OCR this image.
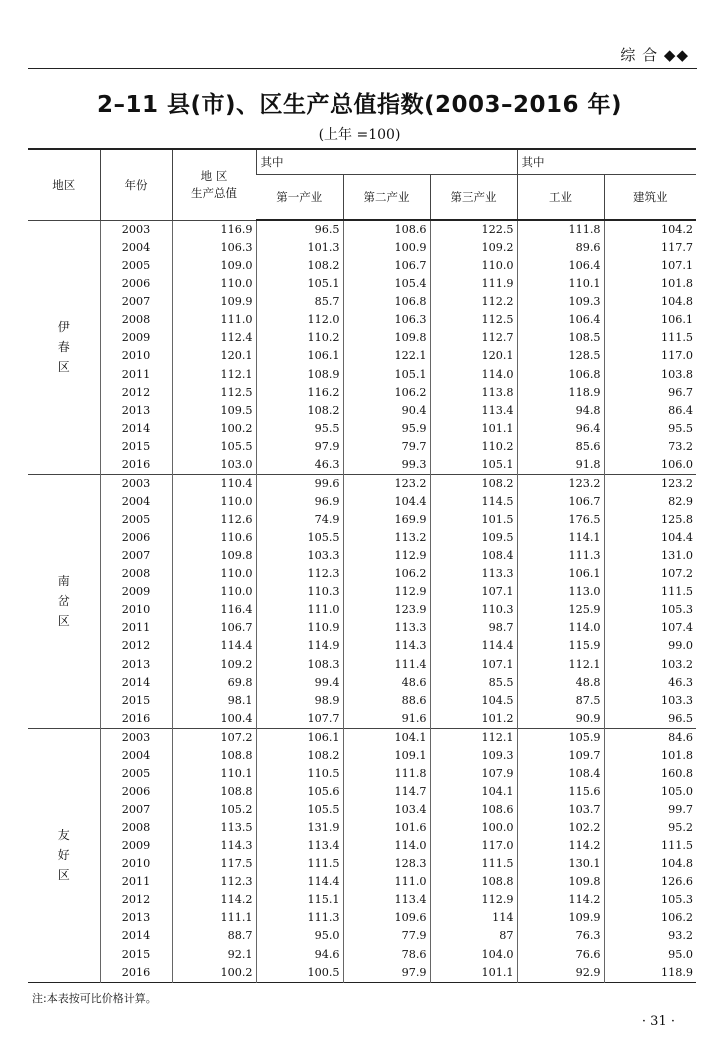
综 合 ◆◆
2–11 县(市)、区生产总值指数(2003–2016 年)
(上年 =100)
地区	年份	地 区
生产总值	其中			其中	
			第一产业	第二产业	第三产业	工业	建筑业
伊
春
区	2003	116.9	96.5	108.6	122.5	111.8	104.2
	2004	106.3	101.3	100.9	109.2	89.6	117.7
	2005	109.0	108.2	106.7	110.0	106.4	107.1
	2006	110.0	105.1	105.4	111.9	110.1	101.8
	2007	109.9	85.7	106.8	112.2	109.3	104.8
	2008	111.0	112.0	106.3	112.5	106.4	106.1
	2009	112.4	110.2	109.8	112.7	108.5	111.5
	2010	120.1	106.1	122.1	120.1	128.5	117.0
	2011	112.1	108.9	105.1	114.0	106.8	103.8
	2012	112.5	116.2	106.2	113.8	118.9	96.7
	2013	109.5	108.2	90.4	113.4	94.8	86.4
	2014	100.2	95.5	95.9	101.1	96.4	95.5
	2015	105.5	97.9	79.7	110.2	85.6	73.2
	2016	103.0	46.3	99.3	105.1	91.8	106.0
南
岔
区	2003	110.4	99.6	123.2	108.2	123.2	123.2
	2004	110.0	96.9	104.4	114.5	106.7	82.9
	2005	112.6	74.9	169.9	101.5	176.5	125.8
	2006	110.6	105.5	113.2	109.5	114.1	104.4
	2007	109.8	103.3	112.9	108.4	111.3	131.0
	2008	110.0	112.3	106.2	113.3	106.1	107.2
	2009	110.0	110.3	112.9	107.1	113.0	111.5
	2010	116.4	111.0	123.9	110.3	125.9	105.3
	2011	106.7	110.9	113.3	98.7	114.0	107.4
	2012	114.4	114.9	114.3	114.4	115.9	99.0
	2013	109.2	108.3	111.4	107.1	112.1	103.2
	2014	69.8	99.4	48.6	85.5	48.8	46.3
	2015	98.1	98.9	88.6	104.5	87.5	103.3
	2016	100.4	107.7	91.6	101.2	90.9	96.5
友
好
区	2003	107.2	106.1	104.1	112.1	105.9	84.6
	2004	108.8	108.2	109.1	109.3	109.7	101.8
	2005	110.1	110.5	111.8	107.9	108.4	160.8
	2006	108.8	105.6	114.7	104.1	115.6	105.0
	2007	105.2	105.5	103.4	108.6	103.7	99.7
	2008	113.5	131.9	101.6	100.0	102.2	95.2
	2009	114.3	113.4	114.0	117.0	114.2	111.5
	2010	117.5	111.5	128.3	111.5	130.1	104.8
	2011	112.3	114.4	111.0	108.8	109.8	126.6
	2012	114.2	115.1	113.4	112.9	114.2	105.3
	2013	111.1	111.3	109.6	114	109.9	106.2
	2014	88.7	95.0	77.9	87	76.3	93.2
	2015	92.1	94.6	78.6	104.0	76.6	95.0
	2016	100.2	100.5	97.9	101.1	92.9	118.9
注:本表按可比价格计算。
· 31 ·
